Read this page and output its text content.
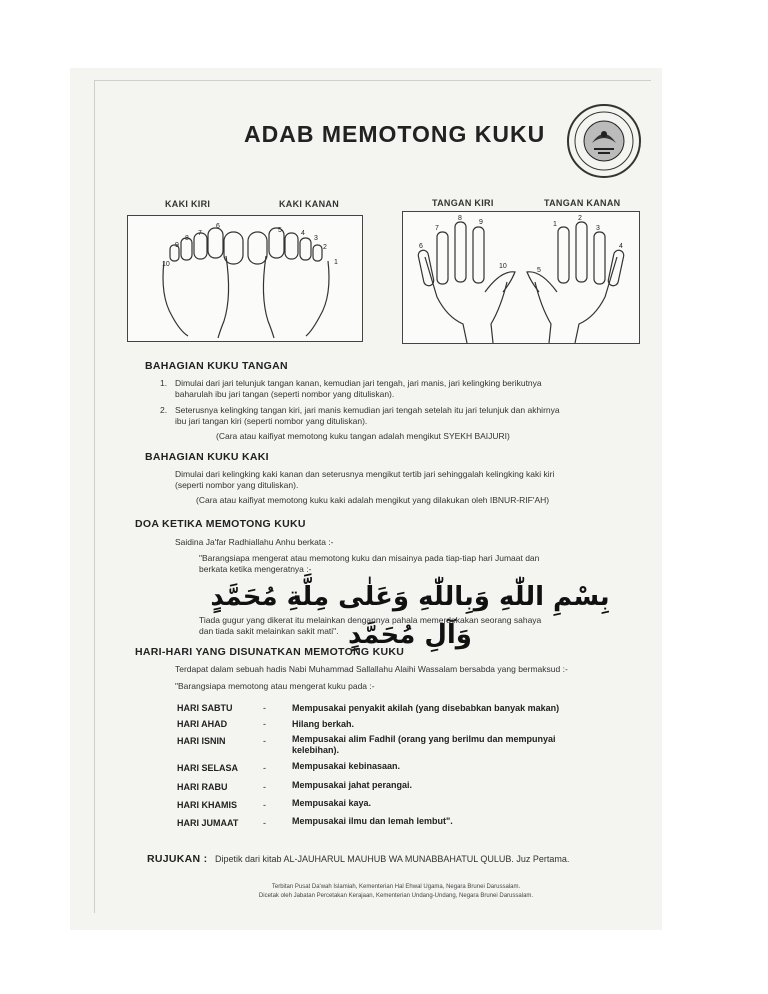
ADAB MEMOTONG KUKU
KAKI KIRI	KAKI KANAN	TANGAN KIRI	TANGAN KANAN
10
9
8
7
6
5	4
3
2
1
6
7
8
9
10
1
2
3
4
5
BAHAGIAN KUKU TANGAN
1. Dimulai dari jari telunjuk tangan kanan, kemudian jari tengah, jari manis, jari kelingking berikutnya
baharulah ibu jari tangan (seperti nombor yang dituliskan).
2. Seterusnya kelingking tangan kiri, jari manis kemudian jari tengah setelah itu jari telunjuk dan akhirnya
ibu jari tangan kiri (seperti nombor yang dituliskan).
(Cara atau kaifiyat memotong kuku tangan adalah mengikut SYEKH BAIJURI)
BAHAGIAN KUKU KAKI
Dimulai dari kelingking kaki kanan dan seterusnya mengikut tertib jari sehinggalah kelingking kaki kiri
(seperti nombor yang dituliskan).
(Cara atau kaifiyat memotong kuku kaki adalah mengikut yang dilakukan oleh IBNUR-RIF'AH)
DOA KETIKA MEMOTONG KUKU
Saidina Ja'far Radhiallahu Anhu berkata :-
"Barangsiapa mengerat atau memotong kuku dan misainya pada tiap-tiap hari Jumaat dan
berkata ketika mengeratnya :-
بِسْمِ اللّٰهِ وَبِاللّٰهِ وَعَلٰى مِلَّةِ مُحَمَّدٍ وَآلِ مُحَمَّدٍ
Tiada gugur yang dikerat itu melainkan dengannya pahala memerdekakan seorang sahaya
dan tiada sakit melainkan sakit mati".
HARI-HARI YANG DISUNATKAN MEMOTONG KUKU
Terdapat dalam sebuah hadis Nabi Muhammad Sallallahu Alaihi Wassalam bersabda yang bermaksud :-
"Barangsiapa memotong atau mengerat kuku pada :-
HARI SABTU	-	Mempusakai penyakit akilah (yang disebabkan banyak makan)
HARI AHAD	-	Hilang berkah.
HARI ISNIN	-	Mempusakai alim Fadhil (orang yang berilmu dan mempunyai
kelebihan).
HARI SELASA	-	Mempusakai kebinasaan.
HARI RABU	-	Mempusakai jahat perangai.
HARI KHAMIS	-	Mempusakai kaya.
HARI JUMAAT	-	Mempusakai ilmu dan lemah lembut".
RUJUKAN : Dipetik dari kitab AL-JAUHARUL MAUHUB WA MUNABBAHATUL QULUB. Juz Pertama.
Terbitan Pusat Da'wah Islamiah, Kementerian Hal Ehwal Ugama, Negara Brunei Darussalam.
Dicetak oleh Jabatan Percetakan Kerajaan, Kementerian Undang-Undang, Negara Brunei Darussalam.
